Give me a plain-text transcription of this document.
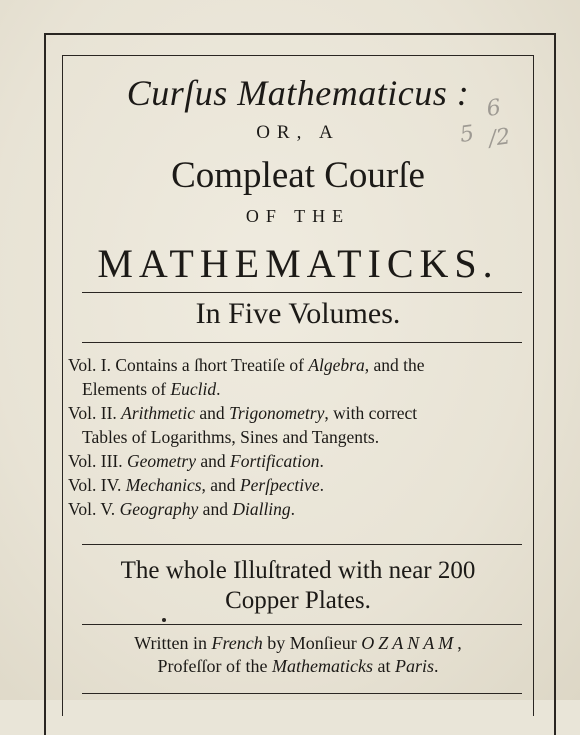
6
5 /2
Curſus Mathematicus :
OR, A
Compleat Courſe
OF THE
MATHEMATICKS.
In Five Volumes.
Vol. I. Contains a ſhort Treatiſe of Algebra, and the
Elements of Euclid.
Vol. II. Arithmetic and Trigonometry, with correct
Tables of Logarithms, Sines and Tangents.
Vol. III. Geometry and Fortification.
Vol. IV. Mechanics, and Perſpective.
Vol. V. Geography and Dialling.
The whole Illuſtrated with near 200
Copper Plates.
Written in French by Monſieur OZANAM,
Profeſſor of the Mathematicks at Paris.
